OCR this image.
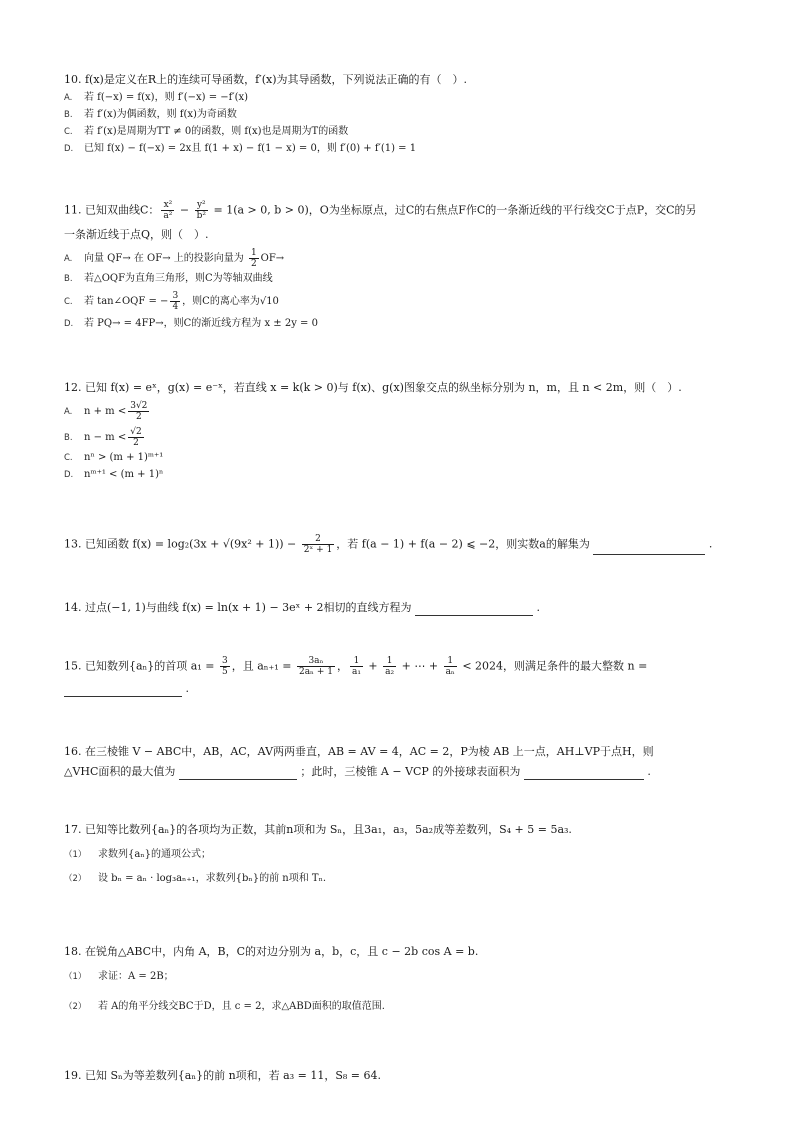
10. f(x)是定义在R上的连续可导函数，f′(x)为其导函数，下列说法正确的有（　）.
A. 若 f(−x) = f(x)，则 f′(−x) = −f′(x)
B. 若 f′(x)为偶函数，则 f(x)为奇函数
C. 若 f′(x)是周期为TT ≠ 0的函数，则 f(x)也是周期为T的函数
D. 已知 f(x) − f(−x) = 2x且 f(1 + x) − f(1 − x) = 0，则 f′(0) + f′(1) = 1
11. 已知双曲线C： $\frac{\text{x²}}{\text{a²}} - \frac{\text{y²}}{\text{b²}} = 1(a > 0$, b > 0)，O为坐标原点，过C的右焦点F作C的一条渐近线的平行线交C于点P，交C的另
一条渐近线于点Q，则（　）.
A. 向量 QF→ 在 OF→ 上的投影向量为 $\frac{1}{2} OF\to$
B. 若△OQF为直角三角形，则C为等轴双曲线
C. 若 tan∠OQF = − $\frac{3}{4}$ ，则C的离心率为√10
D. 若 PQ→ = 4FP→，则C的渐近线方程为 x ± 2y = 0
12. 已知 f(x) = eˣ，g(x) = e⁻ˣ，若直线 x = k(k > 0)与 f(x)、g(x)图象交点的纵坐标分别为 n，m，且 n < 2m，则（　）.
A. $n + m < \frac{3√2}{2}$
B. $n - m < \frac{√2}{2}$
C. nⁿ > (m + 1)ᵐ⁺¹
D. nᵐ⁺¹ < (m + 1)ⁿ
13. 已知函数 $f(x) = \log_2(3x + √(9x^2 + 1)) - \frac{2}{\text{2ˣ + 1}}$ ，若 f(a − 1) + f(a − 2) ⩽ −2，则实数a的解集为	.
14. 过点(−1, 1)与曲线 f(x) = ln(x + 1) − 3eˣ + 2相切的直线方程为	.
15. 已知数列{aₙ}的首项 $a_1 = \frac{3}{5}$ ，且 $a_{n+1} = \frac{\text{3aₙ}}{\text{2aₙ + 1}}$ ， $\frac{1}{\text{a₁}} + \frac{1}{\text{a₂}}$ + ⋯ + $\frac{1}{\text{aₙ}} < 2024$，则满足条件的最大整数 n =
.
16. 在三棱锥 V − ABC中，AB，AC，AV两两垂直，AB = AV = 4，AC = 2，P为棱 AB 上一点，AH⊥VP于点H，则
△VHC面积的最大值为	；此时，三棱锥 A − VCP 的外接球表面积为	.
17. 已知等比数列{aₙ}的各项均为正数，其前n项和为 Sₙ，且3a₁，a₃，5a₂成等差数列，S₄ + 5 = 5a₃.
（1） 求数列{aₙ}的通项公式；
（2） 设 bₙ = aₙ · log₃aₙ₊₁，求数列{bₙ}的前 n项和 Tₙ.
18. 在锐角△ABC中，内角 A，B，C的对边分别为 a，b，c，且 c − 2b cos A = b.
（1） 求证：A = 2B；
（2） 若 A的角平分线交BC于D，且 c = 2，求△ABD面积的取值范围.
19. 已知 Sₙ为等差数列{aₙ}的前 n项和，若 a₃ = 11，S₈ = 64.
